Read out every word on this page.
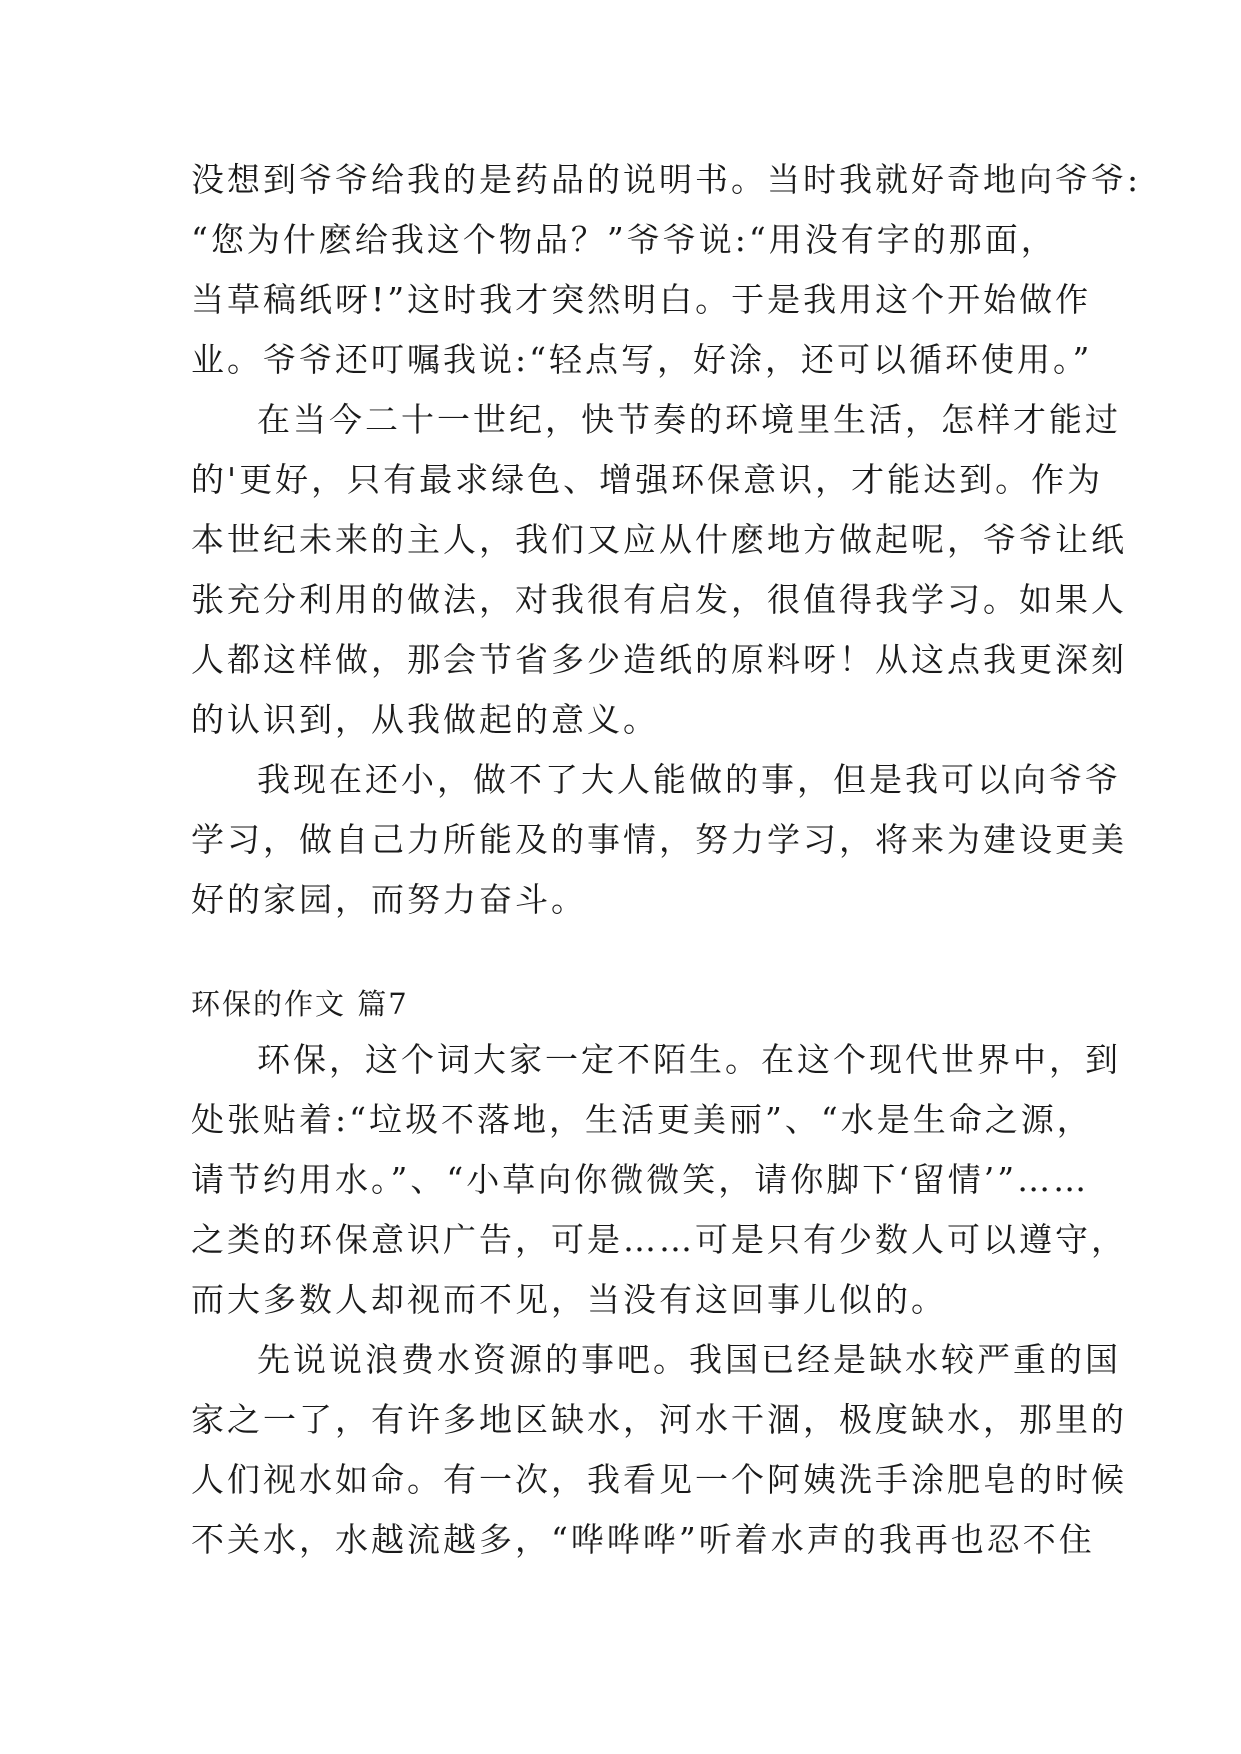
没想到爷爷给我的是药品的说明书。当时我就好奇地向爷爷:
“您为什麽给我这个物品？”爷爷说:“用没有字的那面，
当草稿纸呀!”这时我才突然明白。于是我用这个开始做作
业。爷爷还叮嘱我说:“轻点写，好涂，还可以循环使用。”
在当今二十一世纪，快节奏的环境里生活，怎样才能过
的'更好，只有最求绿色、增强环保意识，才能达到。作为
本世纪未来的主人，我们又应从什麽地方做起呢，爷爷让纸
张充分利用的做法，对我很有启发，很值得我学习。如果人
人都这样做，那会节省多少造纸的原料呀！从这点我更深刻
的认识到，从我做起的意义。
我现在还小，做不了大人能做的事，但是我可以向爷爷
学习，做自己力所能及的事情，努力学习，将来为建设更美
好的家园，而努力奋斗。
环保的作文 篇7
环保，这个词大家一定不陌生。在这个现代世界中，到
处张贴着:“垃圾不落地，生活更美丽”、“水是生命之源，
请节约用水。”、“小草向你微微笑，请你脚下‘留情’”……
之类的环保意识广告，可是……可是只有少数人可以遵守，
而大多数人却视而不见，当没有这回事儿似的。
先说说浪费水资源的事吧。我国已经是缺水较严重的国
家之一了，有许多地区缺水，河水干涸，极度缺水，那里的
人们视水如命。有一次，我看见一个阿姨洗手涂肥皂的时候
不关水，水越流越多，“哗哗哗”听着水声的我再也忍不住
